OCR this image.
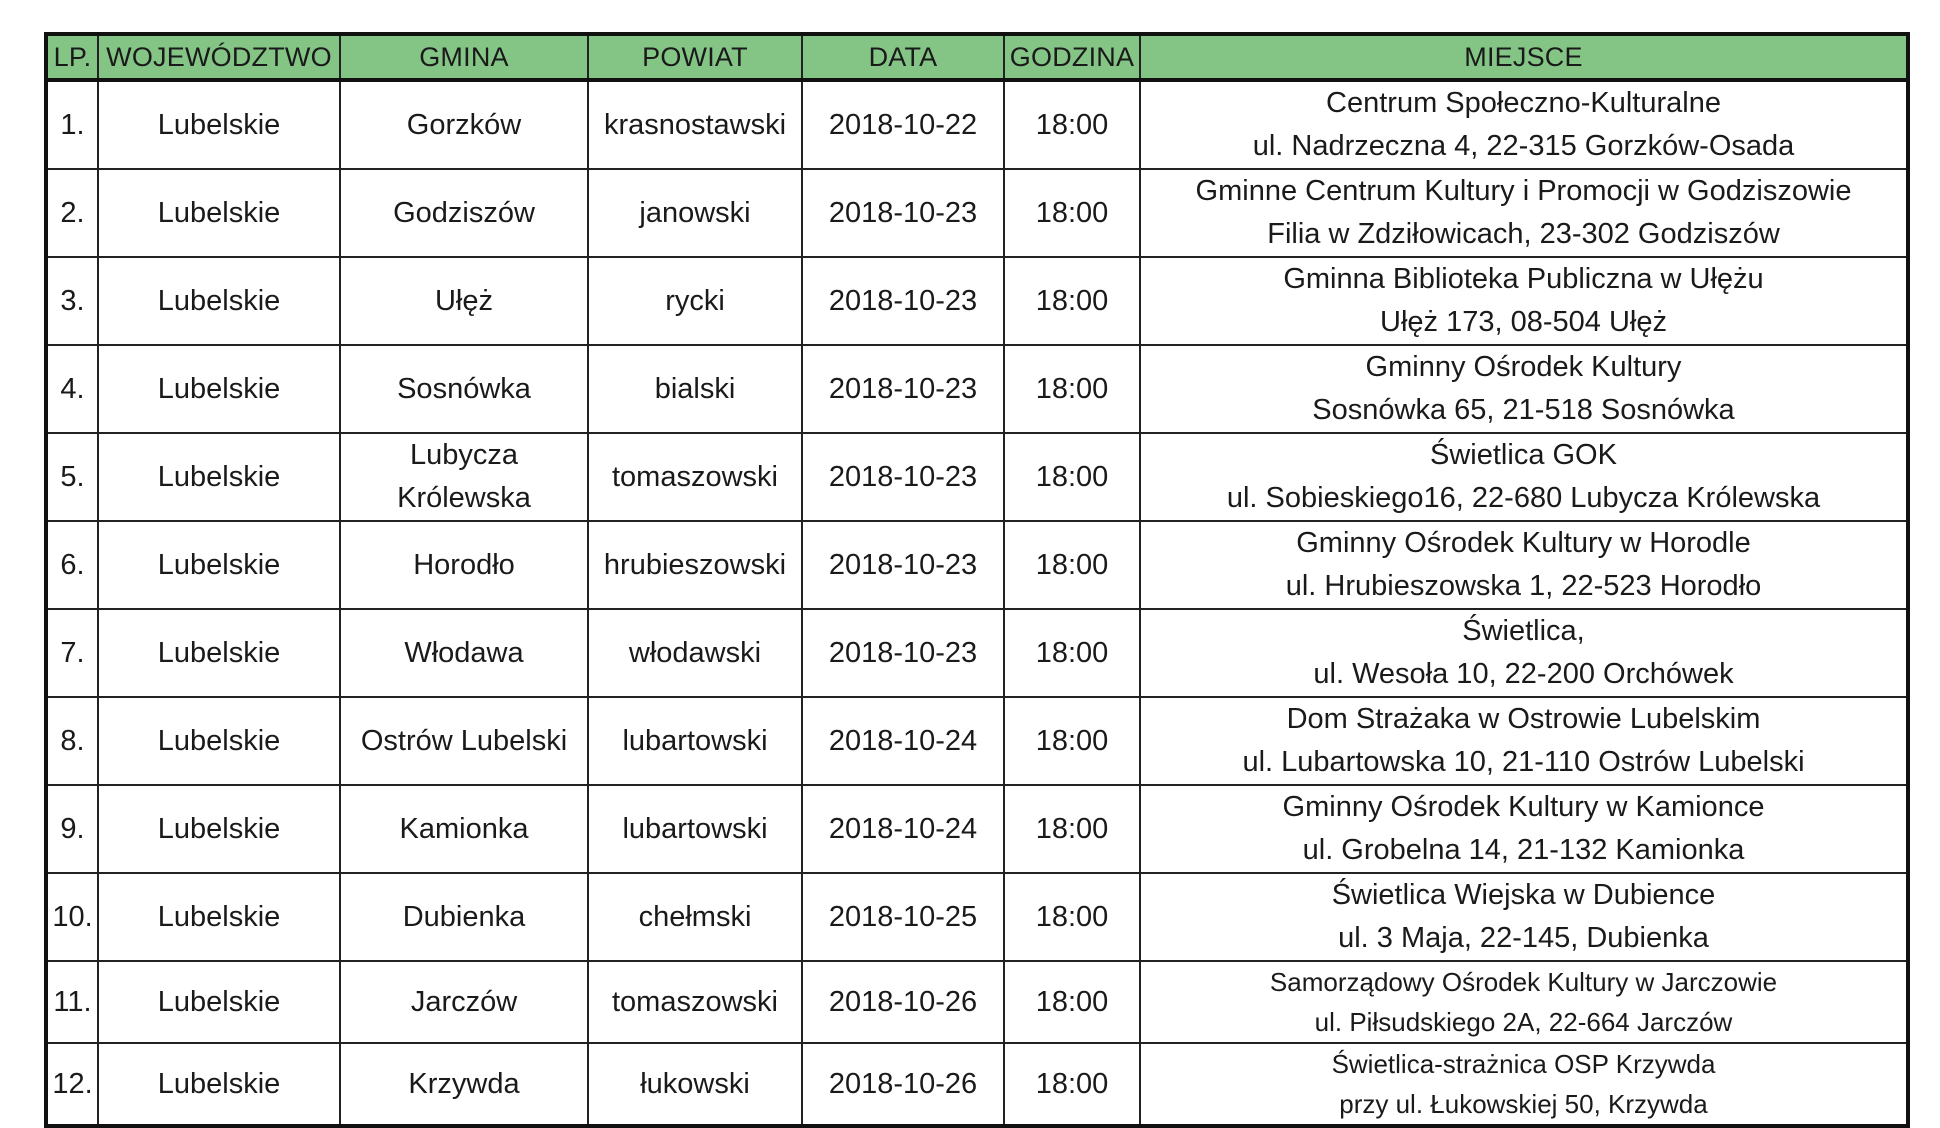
LP.	WOJEWÓDZTWO	GMINA	POWIAT	DATA	GODZINA	MIEJSCE
1.	Lubelskie	Gorzków	krasnostawski	2018-10-22	18:00	Centrum Społeczno-Kulturalne
ul. Nadrzeczna 4, 22-315 Gorzków-Osada

2.	Lubelskie	Godziszów	janowski	2018-10-23	18:00	Gminne Centrum Kultury i Promocji w Godziszowie
Filia w Zdziłowicach, 23-302 Godziszów

3.	Lubelskie	Ułęż	rycki	2018-10-23	18:00	Gminna Biblioteka Publiczna w Ułężu
Ułęż 173, 08-504 Ułęż

4.	Lubelskie	Sosnówka	bialski	2018-10-23	18:00	Gminny Ośrodek Kultury
Sosnówka 65, 21-518 Sosnówka

5.	Lubelskie	Lubycza Królewska	tomaszowski	2018-10-23	18:00	Świetlica GOK
ul. Sobieskiego16, 22-680 Lubycza Królewska

6.	Lubelskie	Horodło	hrubieszowski	2018-10-23	18:00	Gminny Ośrodek Kultury w Horodle
ul. Hrubieszowska 1, 22-523 Horodło

7.	Lubelskie	Włodawa	włodawski	2018-10-23	18:00	Świetlica,
ul. Wesoła 10, 22-200 Orchówek

8.	Lubelskie	Ostrów Lubelski	lubartowski	2018-10-24	18:00	Dom Strażaka w Ostrowie Lubelskim
ul. Lubartowska 10, 21-110 Ostrów Lubelski

9.	Lubelskie	Kamionka	lubartowski	2018-10-24	18:00	Gminny Ośrodek Kultury w Kamionce
ul. Grobelna 14, 21-132 Kamionka

10.	Lubelskie	Dubienka	chełmski	2018-10-25	18:00	Świetlica Wiejska w Dubience
ul. 3 Maja, 22-145, Dubienka

11.	Lubelskie	Jarczów	tomaszowski	2018-10-26	18:00	Samorządowy Ośrodek Kultury w Jarczowie
ul. Piłsudskiego 2A, 22-664 Jarczów

12.	Lubelskie	Krzywda	łukowski	2018-10-26	18:00	Świetlica-strażnica OSP Krzywda
przy ul. Łukowskiej 50, Krzywda
